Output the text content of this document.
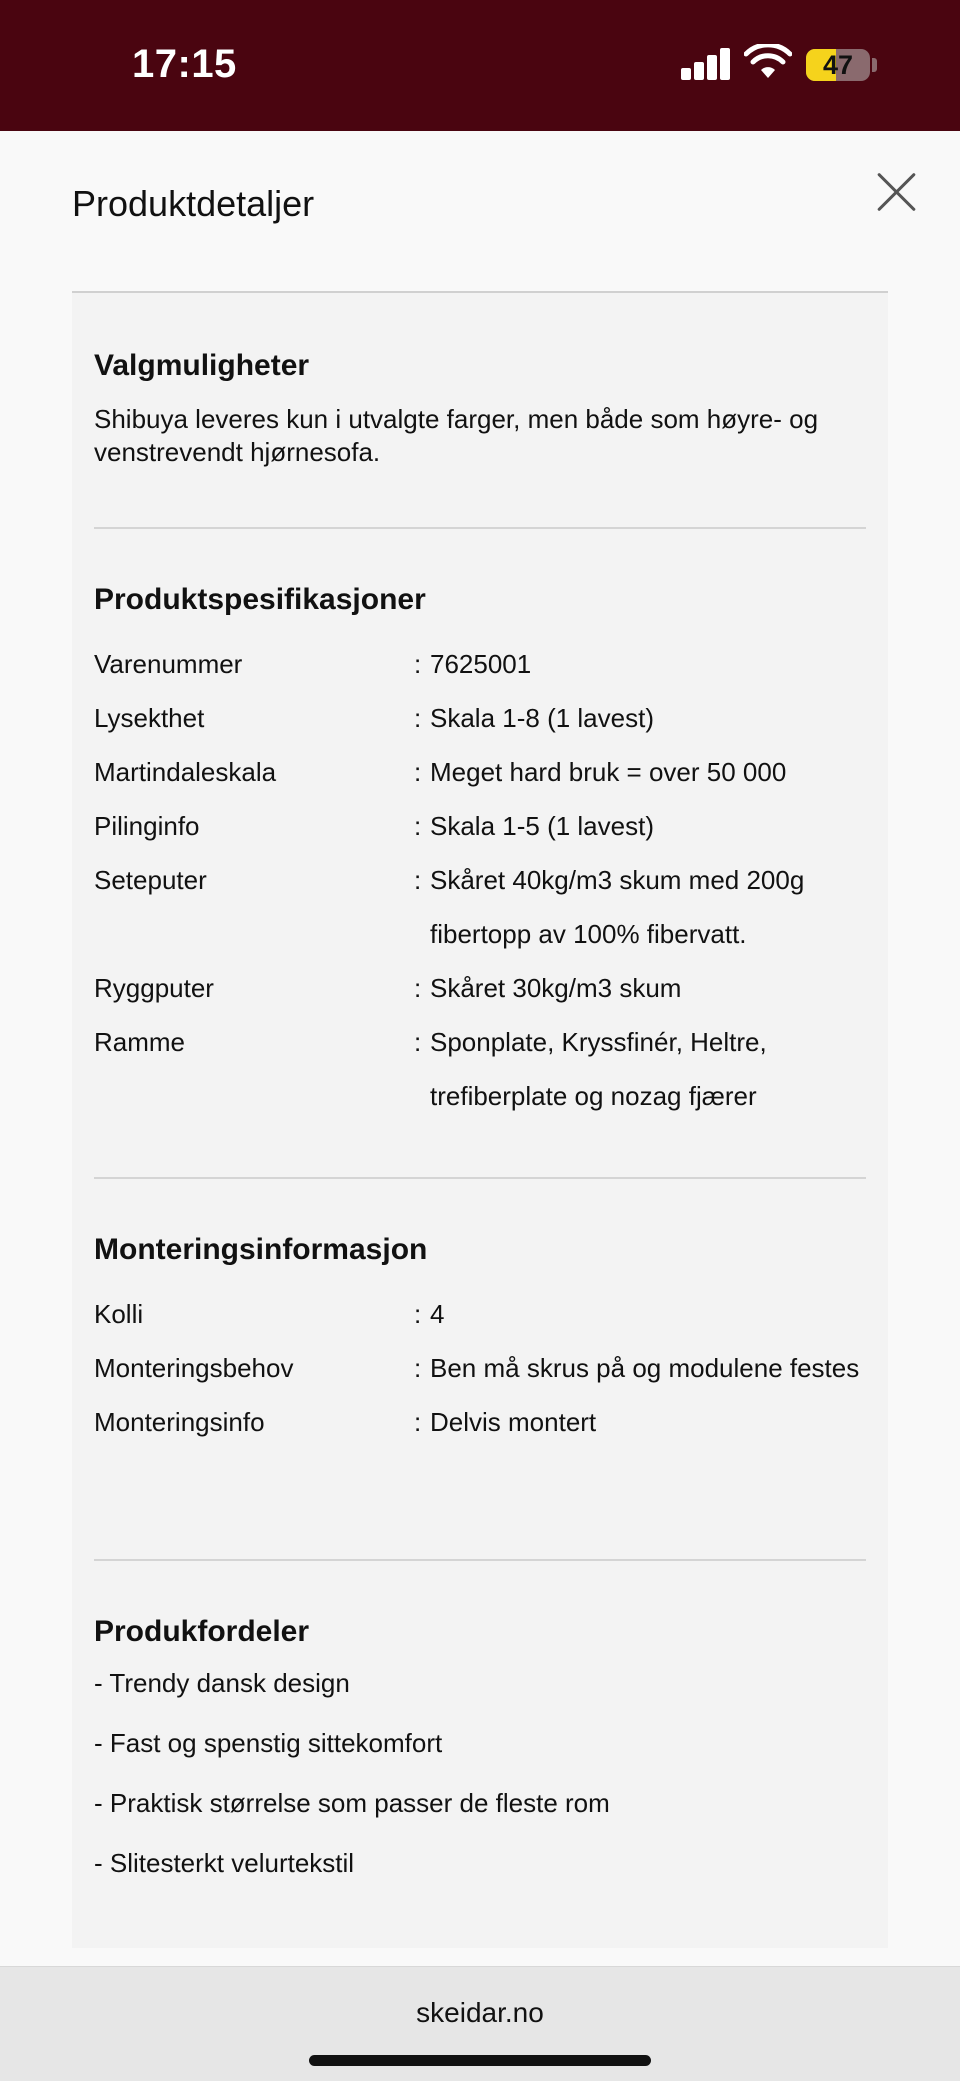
17:15	47
Produktdetaljer
Valgmuligheter

Shibuya leveres kun i utvalgte farger, men både som høyre- og venstrevendt hjørnesofa.

Produktspesifikasjoner
Varenummer	: 7625001
Lysekthet	: Skala 1-8 (1 lavest)
Martindaleskala	: Meget hard bruk = over 50 000
Pilinginfo	: Skala 1-5 (1 lavest)
Seteputer	: Skåret 40kg/m3 skum med 200g fibertopp av 100% fibervatt.
Ryggputer	: Skåret 30kg/m3 skum
Ramme	: Sponplate, Kryssfinér, Heltre, trefiberplate og nozag fjærer
Monteringsinformasjon
Kolli	: 4
Monteringsbehov	: Ben må skrus på og modulene festes
Monteringsinfo	: Delvis montert
Produkfordeler
- Trendy dansk design
- Fast og spenstig sittekomfort
- Praktisk størrelse som passer de fleste rom
- Slitesterkt velurtekstil
skeidar.no
